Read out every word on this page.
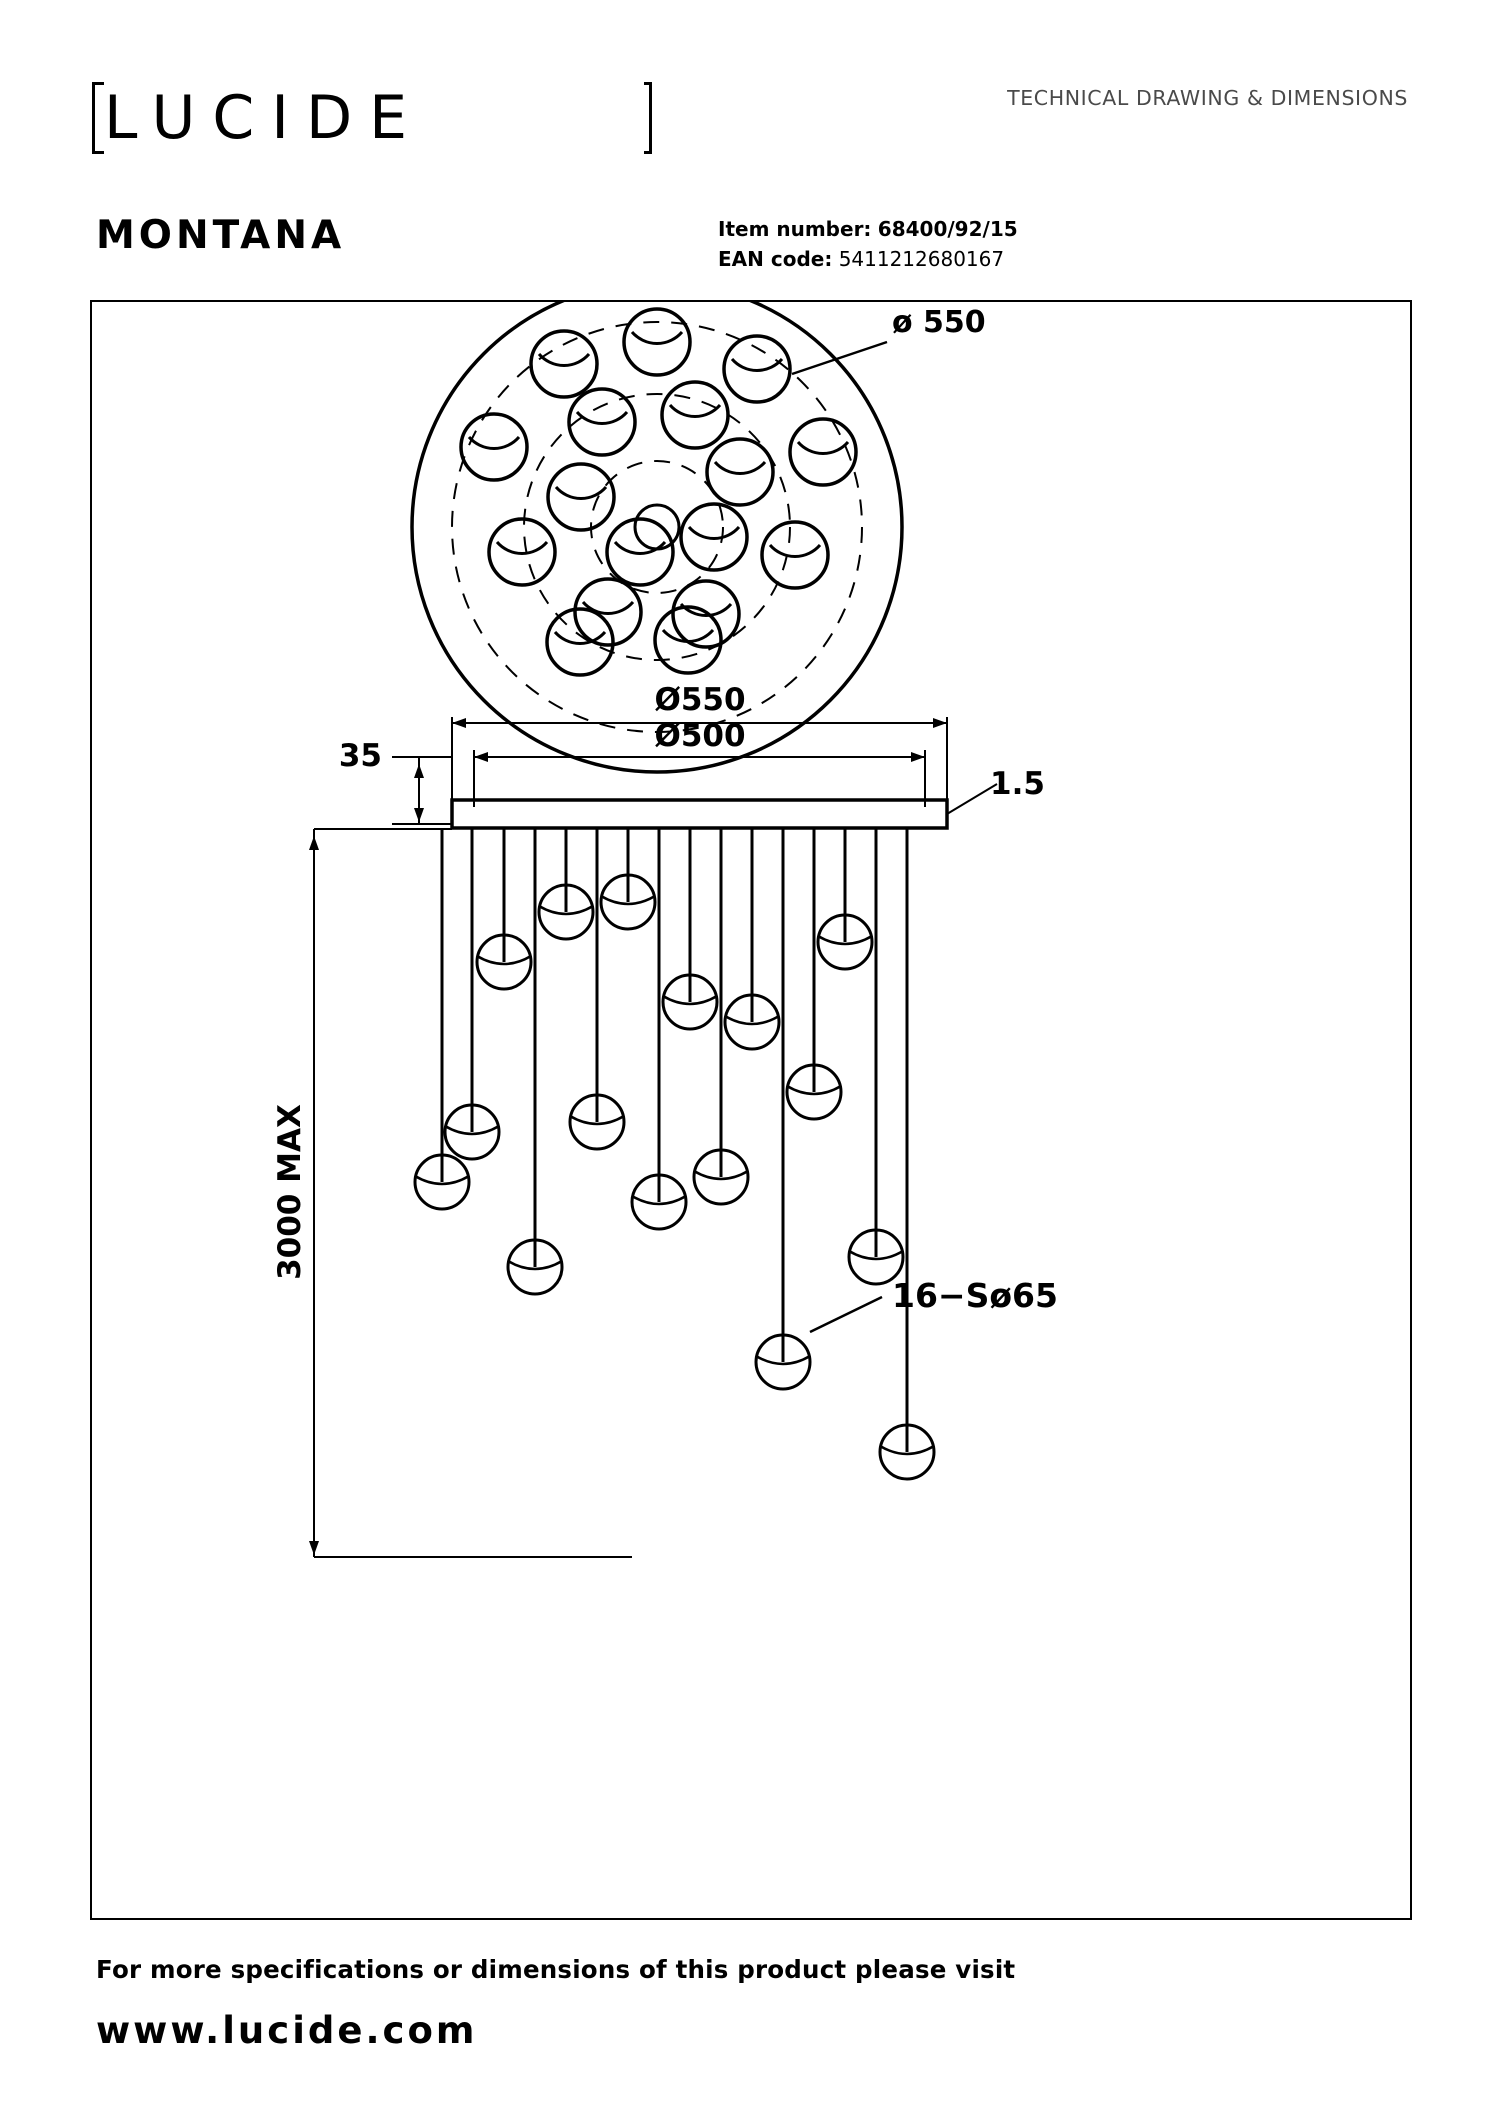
LUCIDE	TECHNICAL DRAWING & DIMENSIONS
MONTANA	Item number: 68400/92/15
EAN code: 5411212680167
ø 550
Ø550
Ø500
35
1.5
3000 MAX
16−Sø65
For more specifications or dimensions of this product please visit
www.lucide.com
